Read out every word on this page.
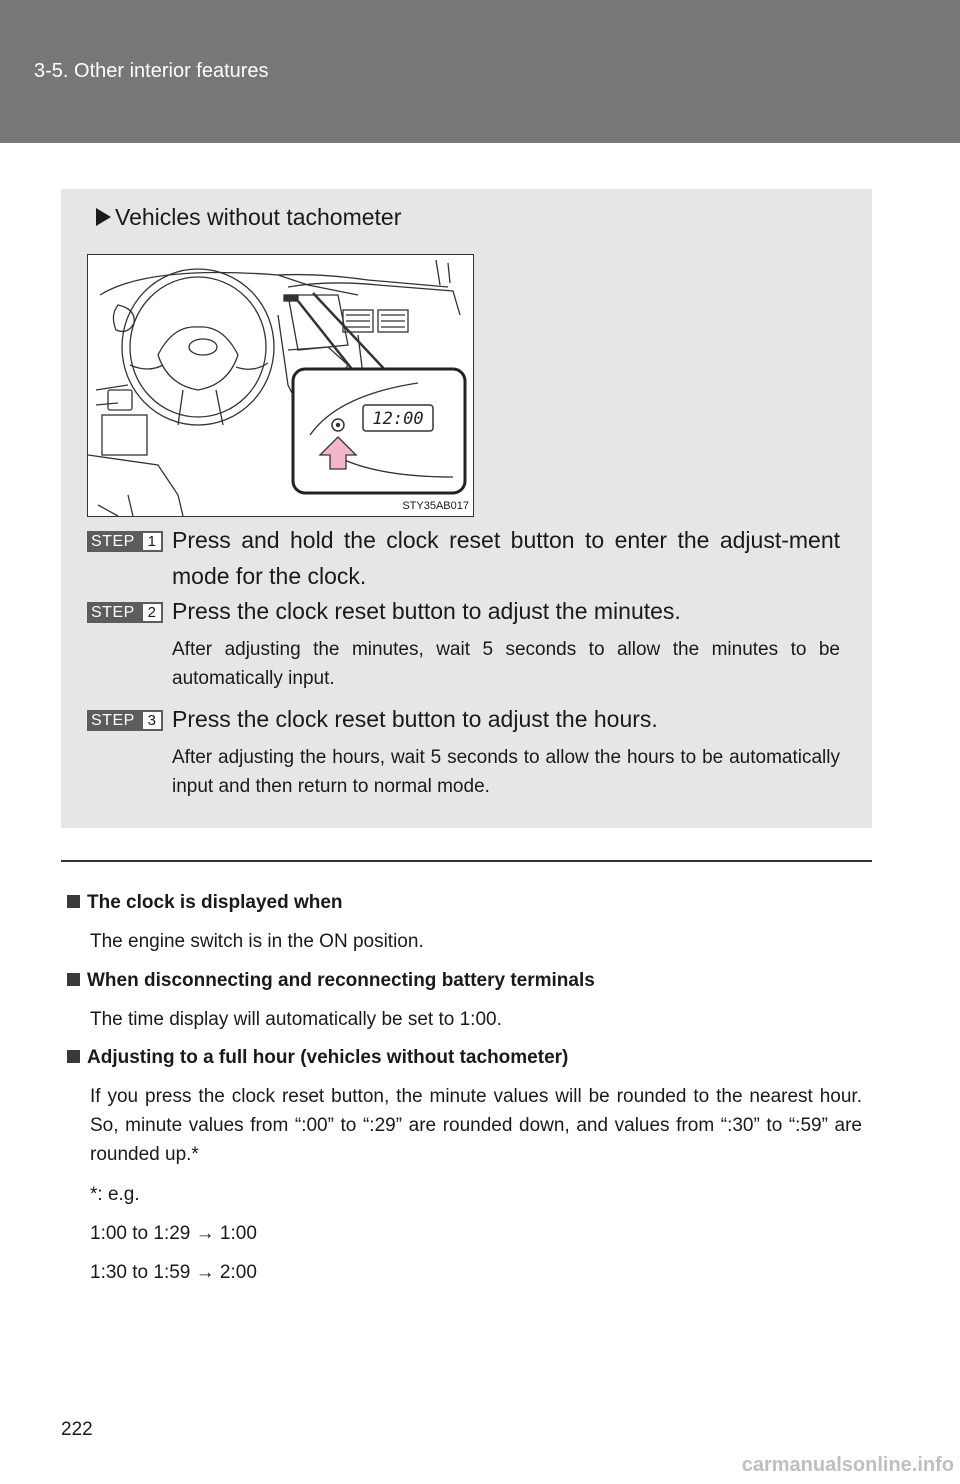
3-5. Other interior features
Vehicles without tachometer
12:00
STY35AB017
STEP 1 Press and hold the clock reset button to enter the adjust-ment mode for the clock.
STEP 2 Press the clock reset button to adjust the minutes.
After adjusting the minutes, wait 5 seconds to allow the minutes to be automatically input.
STEP 3 Press the clock reset button to adjust the hours.
After adjusting the hours, wait 5 seconds to allow the hours to be automatically input and then return to normal mode.
The clock is displayed when
The engine switch is in the ON position.
When disconnecting and reconnecting battery terminals
The time display will automatically be set to 1:00.
Adjusting to a full hour (vehicles without tachometer)
If you press the clock reset button, the minute values will be rounded to the nearest hour. So, minute values from “:00” to “:29” are rounded down, and values from “:30” to “:59” are rounded up.*
*: e.g.
1:00 to 1:29 → 1:00
1:30 to 1:59 → 2:00
222
carmanualsonline.info
